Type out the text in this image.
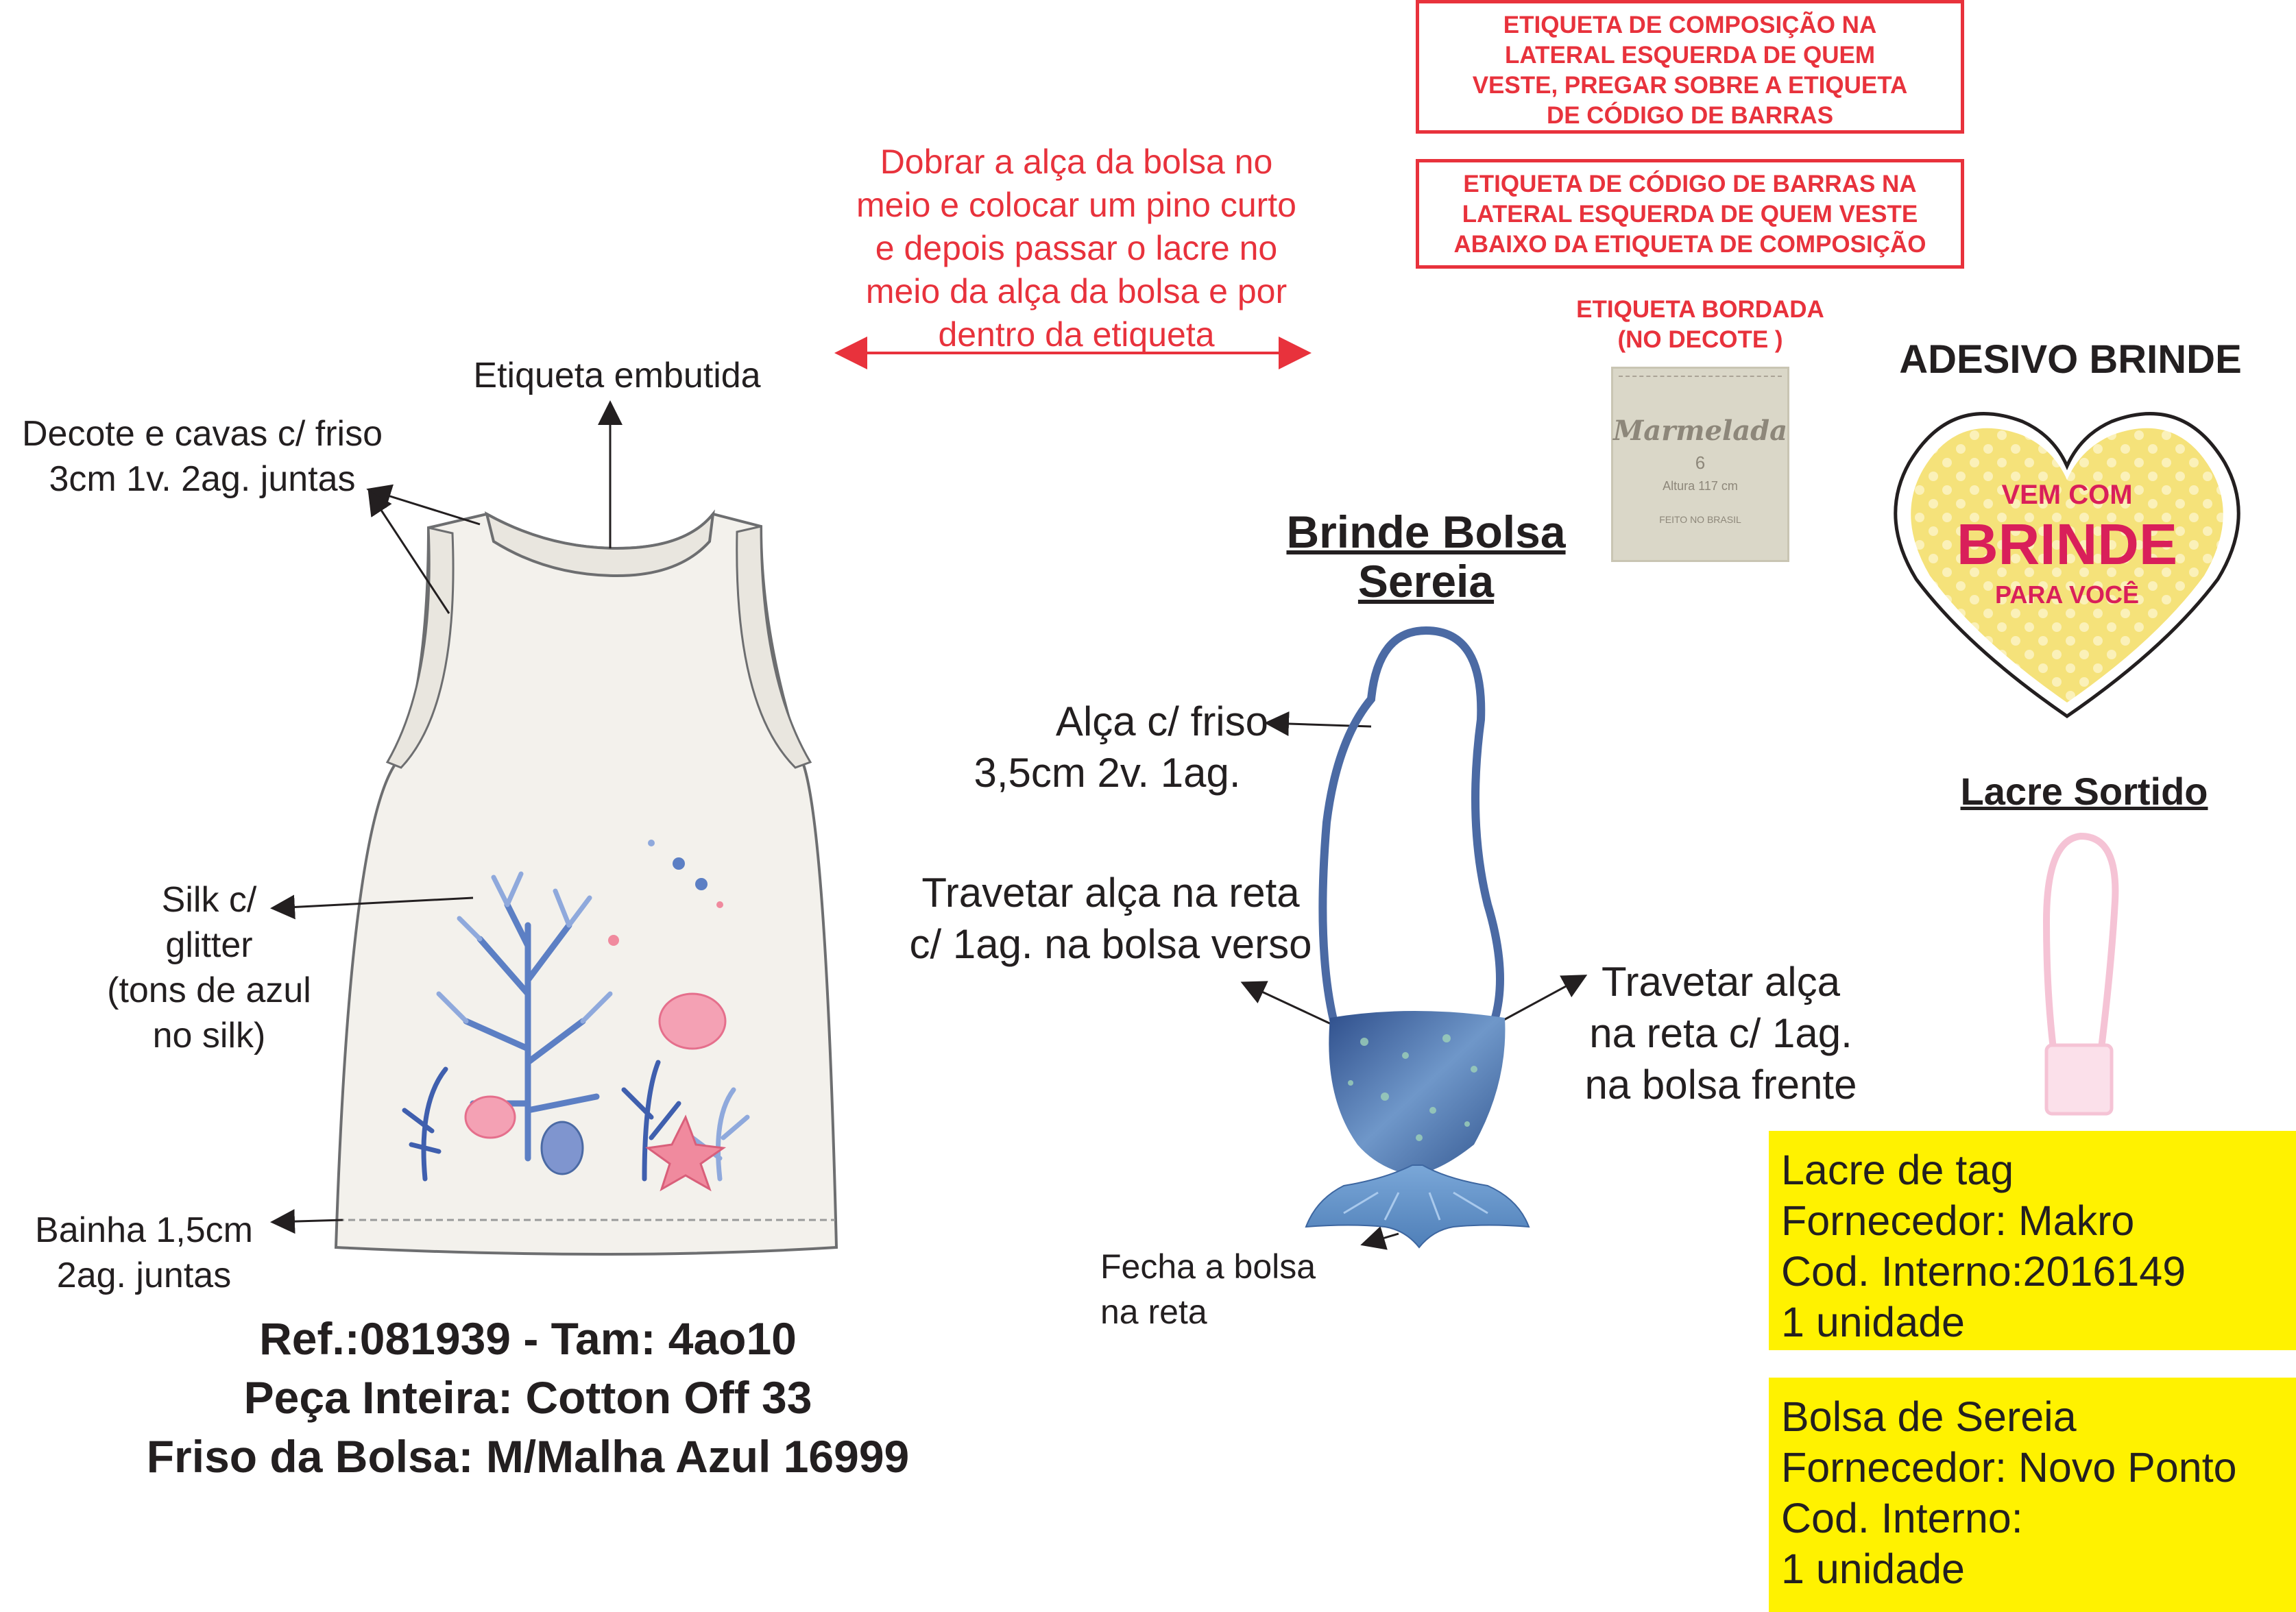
Etiqueta embutida
Decote e cavas c/ friso
3cm 1v. 2ag. juntas
Silk c/
glitter
(tons de azul
no silk)
Bainha 1,5cm
2ag. juntas
Ref.:081939 - Tam: 4ao10
Peça Inteira: Cotton Off 33
Friso da Bolsa: M/Malha Azul 16999
Dobrar a alça da bolsa no
meio e colocar um pino curto
e depois passar o lacre no
meio da alça da bolsa e por
dentro da etiqueta
ETIQUETA DE COMPOSIÇÃO NA
LATERAL ESQUERDA DE QUEM
VESTE, PREGAR SOBRE A ETIQUETA
DE CÓDIGO DE BARRAS
ETIQUETA DE CÓDIGO DE BARRAS NA
LATERAL ESQUERDA DE QUEM VESTE
ABAIXO DA ETIQUETA DE COMPOSIÇÃO
ETIQUETA BORDADA
(NO DECOTE )
Marmelada
6
Altura 117 cm
FEITO NO BRASIL
Brinde Bolsa
Sereia
Alça c/ friso
3,5cm 2v. 1ag.
Travetar alça na reta
c/ 1ag. na bolsa verso
Travetar alça
na reta c/ 1ag.
na bolsa frente
Fecha a bolsa
na reta
ADESIVO BRINDE
VEM COM
BRINDE
PARA VOCÊ
Lacre Sortido
Lacre de tag
Fornecedor: Makro
Cod. Interno:2016149
1 unidade
Bolsa de Sereia
Fornecedor: Novo Ponto
Cod. Interno:
1 unidade
